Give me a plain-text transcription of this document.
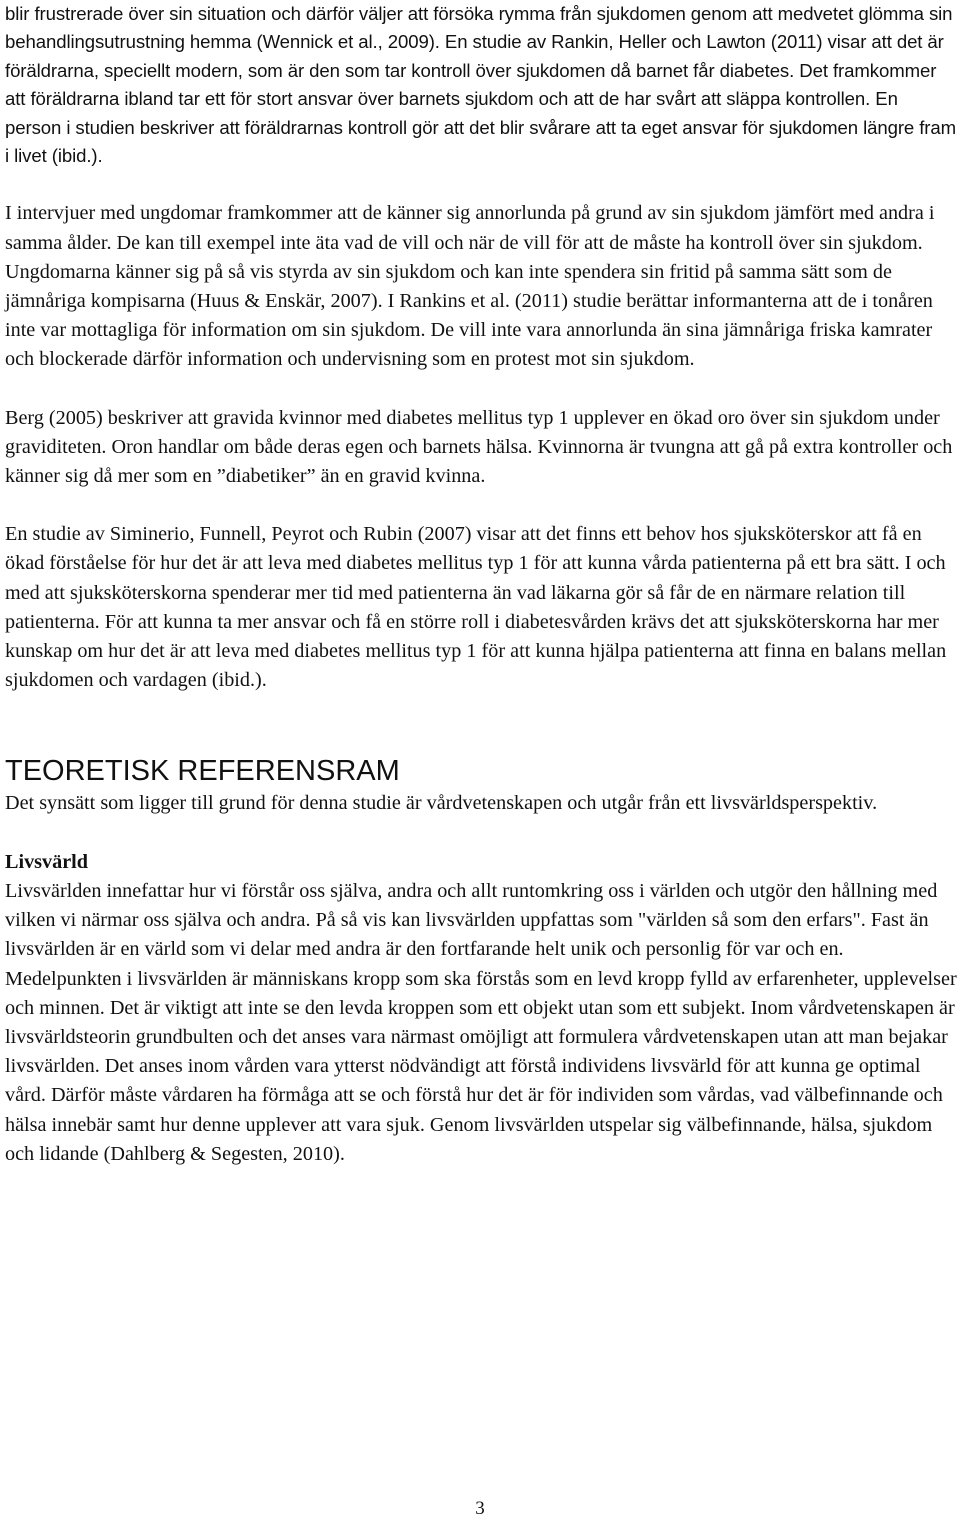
blir frustrerade över sin situation och därför väljer att försöka rymma från sjukdomen genom att medvetet glömma sin behandlingsutrustning hemma (Wennick et al., 2009). En studie av Rankin, Heller och Lawton (2011) visar att det är föräldrarna, speciellt modern, som är den som tar kontroll över sjukdomen då barnet får diabetes. Det framkommer att föräldrarna ibland tar ett för stort ansvar över barnets sjukdom och att de har svårt att släppa kontrollen. En person i studien beskriver att föräldrarnas kontroll gör att det blir svårare att ta eget ansvar för sjukdomen längre fram i livet (ibid.).

I intervjuer med ungdomar framkommer att de känner sig annorlunda på grund av sin sjukdom jämfört med andra i samma ålder. De kan till exempel inte äta vad de vill och när de vill för att de måste ha kontroll över sin sjukdom. Ungdomarna känner sig på så vis styrda av sin sjukdom och kan inte spendera sin fritid på samma sätt som de jämnåriga kompisarna (Huus & Enskär, 2007). I Rankins et al. (2011) studie berättar informanterna att de i tonåren inte var mottagliga för information om sin sjukdom. De vill inte vara annorlunda än sina jämnåriga friska kamrater och blockerade därför information och undervisning som en protest mot sin sjukdom.

Berg (2005) beskriver att gravida kvinnor med diabetes mellitus typ 1 upplever en ökad oro över sin sjukdom under graviditeten. Oron handlar om både deras egen och barnets hälsa. Kvinnorna är tvungna att gå på extra kontroller och känner sig då mer som en ”diabetiker” än en gravid kvinna.

En studie av Siminerio, Funnell, Peyrot och Rubin (2007) visar att det finns ett behov hos sjuksköterskor att få en ökad förståelse för hur det är att leva med diabetes mellitus typ 1 för att kunna vårda patienterna på ett bra sätt. I och med att sjuksköterskorna spenderar mer tid med patienterna än vad läkarna gör så får de en närmare relation till patienterna. För att kunna ta mer ansvar och få en större roll i diabetesvården krävs det att sjuksköterskorna har mer kunskap om hur det är att leva med diabetes mellitus typ 1 för att kunna hjälpa patienterna att finna en balans mellan sjukdomen och vardagen (ibid.).

TEORETISK REFERENSRAM

Det synsätt som ligger till grund för denna studie är vårdvetenskapen och utgår från ett livsvärldsperspektiv.

Livsvärld

Livsvärlden innefattar hur vi förstår oss själva, andra och allt runtomkring oss i världen och utgör den hållning med vilken vi närmar oss själva och andra. På så vis kan livsvärlden uppfattas som "världen så som den erfars". Fast än livsvärlden är en värld som vi delar med andra är den fortfarande helt unik och personlig för var och en. Medelpunkten i livsvärlden är människans kropp som ska förstås som en levd kropp fylld av erfarenheter, upplevelser och minnen. Det är viktigt att inte se den levda kroppen som ett objekt utan som ett subjekt. Inom vårdvetenskapen är livsvärldsteorin grundbulten och det anses vara närmast omöjligt att formulera vårdvetenskapen utan att man bejakar livsvärlden. Det anses inom vården vara ytterst nödvändigt att förstå individens livsvärld för att kunna ge optimal vård. Därför måste vårdaren ha förmåga att se och förstå hur det är för individen som vårdas, vad välbefinnande och hälsa innebär samt hur denne upplever att vara sjuk. Genom livsvärlden utspelar sig välbefinnande, hälsa, sjukdom och lidande (Dahlberg & Segesten, 2010).

3
